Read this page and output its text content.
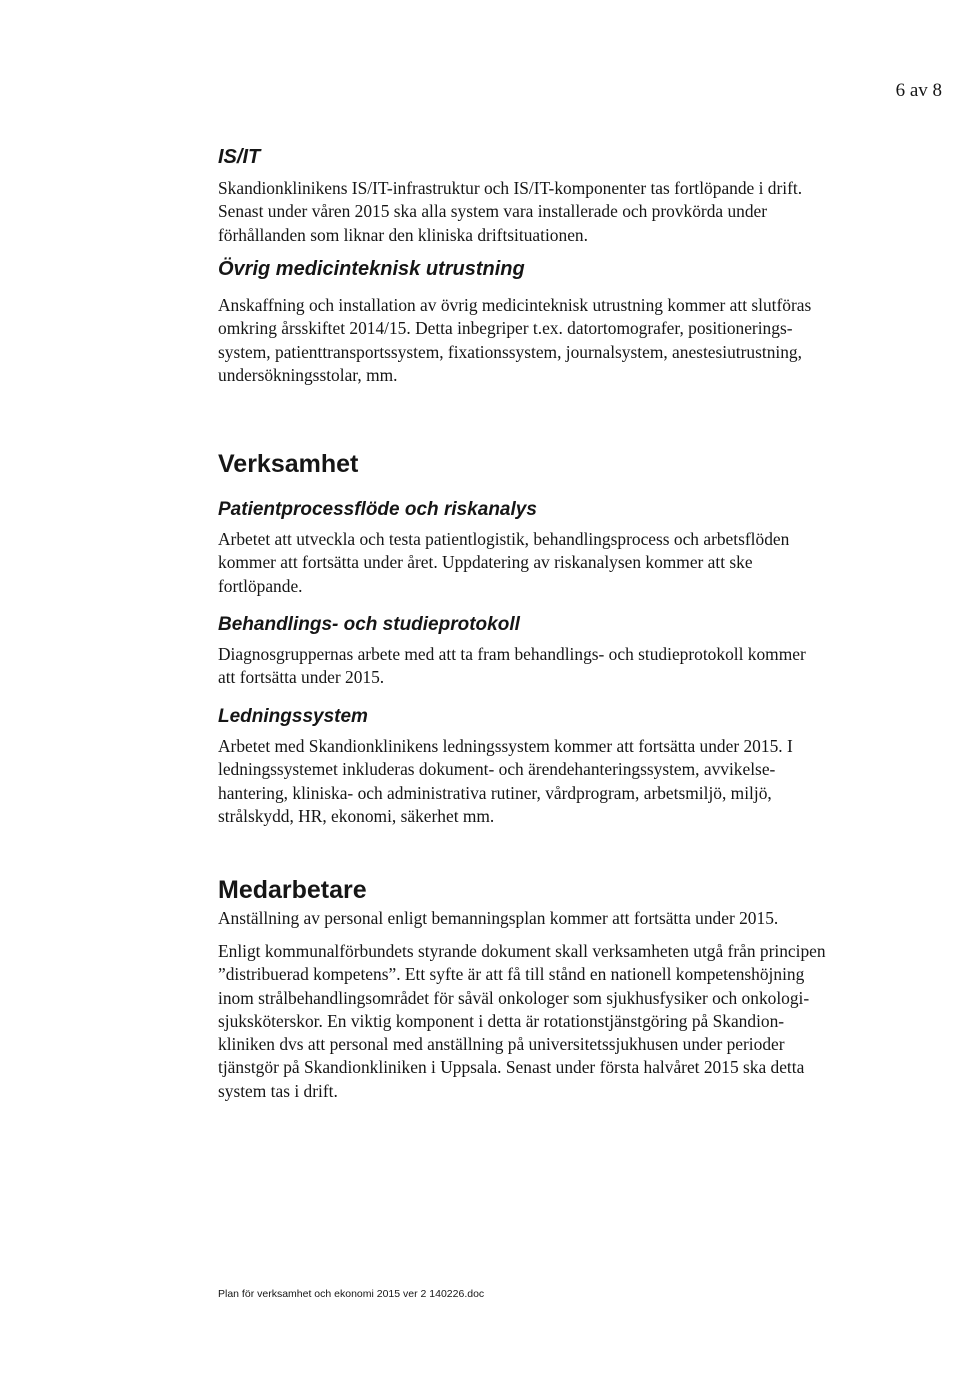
6 av 8
IS/IT
Skandionklinikens IS/IT-infrastruktur och IS/IT-komponenter tas fortlöpande i drift.
Senast under våren 2015 ska alla system vara installerade och provkörda under
förhållanden som liknar den kliniska driftsituationen.
Övrig medicinteknisk utrustning
Anskaffning och installation av övrig medicinteknisk utrustning kommer att slutföras
omkring årsskiftet 2014/15. Detta inbegriper t.ex. datortomografer, positionerings-
system, patienttransportssystem, fixationssystem, journalsystem, anestesiutrustning,
undersökningsstolar, mm.
Verksamhet
Patientprocessflöde och riskanalys
Arbetet att utveckla och testa patientlogistik, behandlingsprocess och arbetsflöden
kommer att fortsätta under året. Uppdatering av riskanalysen kommer att ske
fortlöpande.
Behandlings- och studieprotokoll
Diagnosgruppernas arbete med att ta fram behandlings- och studieprotokoll kommer
att fortsätta under 2015.
Ledningssystem
Arbetet med Skandionklinikens ledningssystem kommer att fortsätta under 2015. I
ledningssystemet inkluderas dokument- och ärendehanteringssystem, avvikelse-
hantering, kliniska- och administrativa rutiner, vårdprogram, arbetsmiljö, miljö,
strålskydd, HR, ekonomi, säkerhet mm.
Medarbetare
Anställning av personal enligt bemanningsplan kommer att fortsätta under 2015.
Enligt kommunalförbundets styrande dokument skall verksamheten utgå från principen
”distribuerad kompetens”. Ett syfte är att få till stånd en nationell kompetenshöjning
inom strålbehandlingsområdet för såväl onkologer som sjukhusfysiker och onkologi-
sjuksköterskor. En viktig komponent i detta är rotationstjänstgöring på Skandion-
kliniken dvs att personal med anställning på universitetssjukhusen under perioder
tjänstgör på Skandionkliniken i Uppsala. Senast under första halvåret 2015 ska detta
system tas i drift.
Plan för verksamhet och ekonomi 2015 ver 2 140226.doc
